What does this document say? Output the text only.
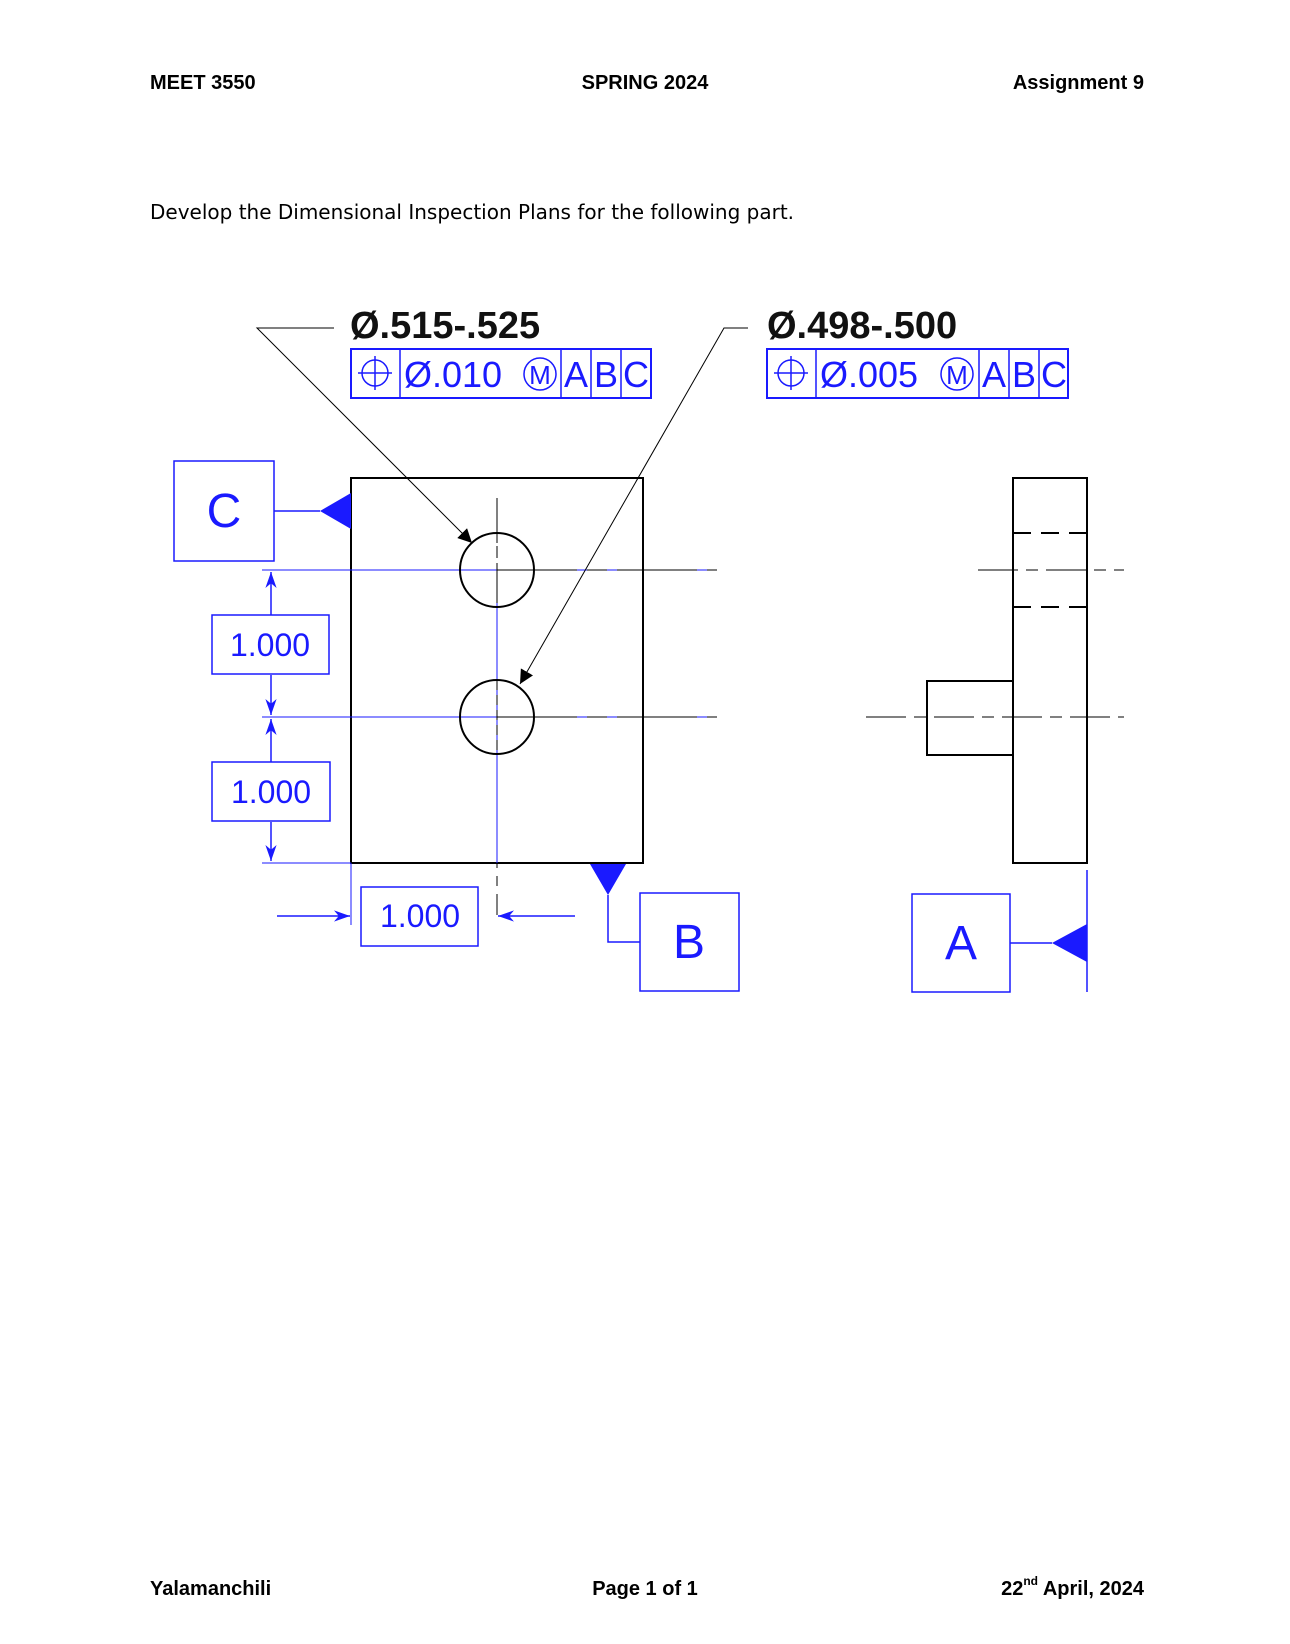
MEET 3550	SPRING 2024	Assignment 9
Develop the Dimensional Inspection Plans for the following part.
Ø.515-.525
Ø.010 M A B C
Ø.498-.500
Ø.005 M A B C
C
1.000
1.000
1.000	B	A
Yalamanchili	Page 1 of 1	22nd April, 2024
